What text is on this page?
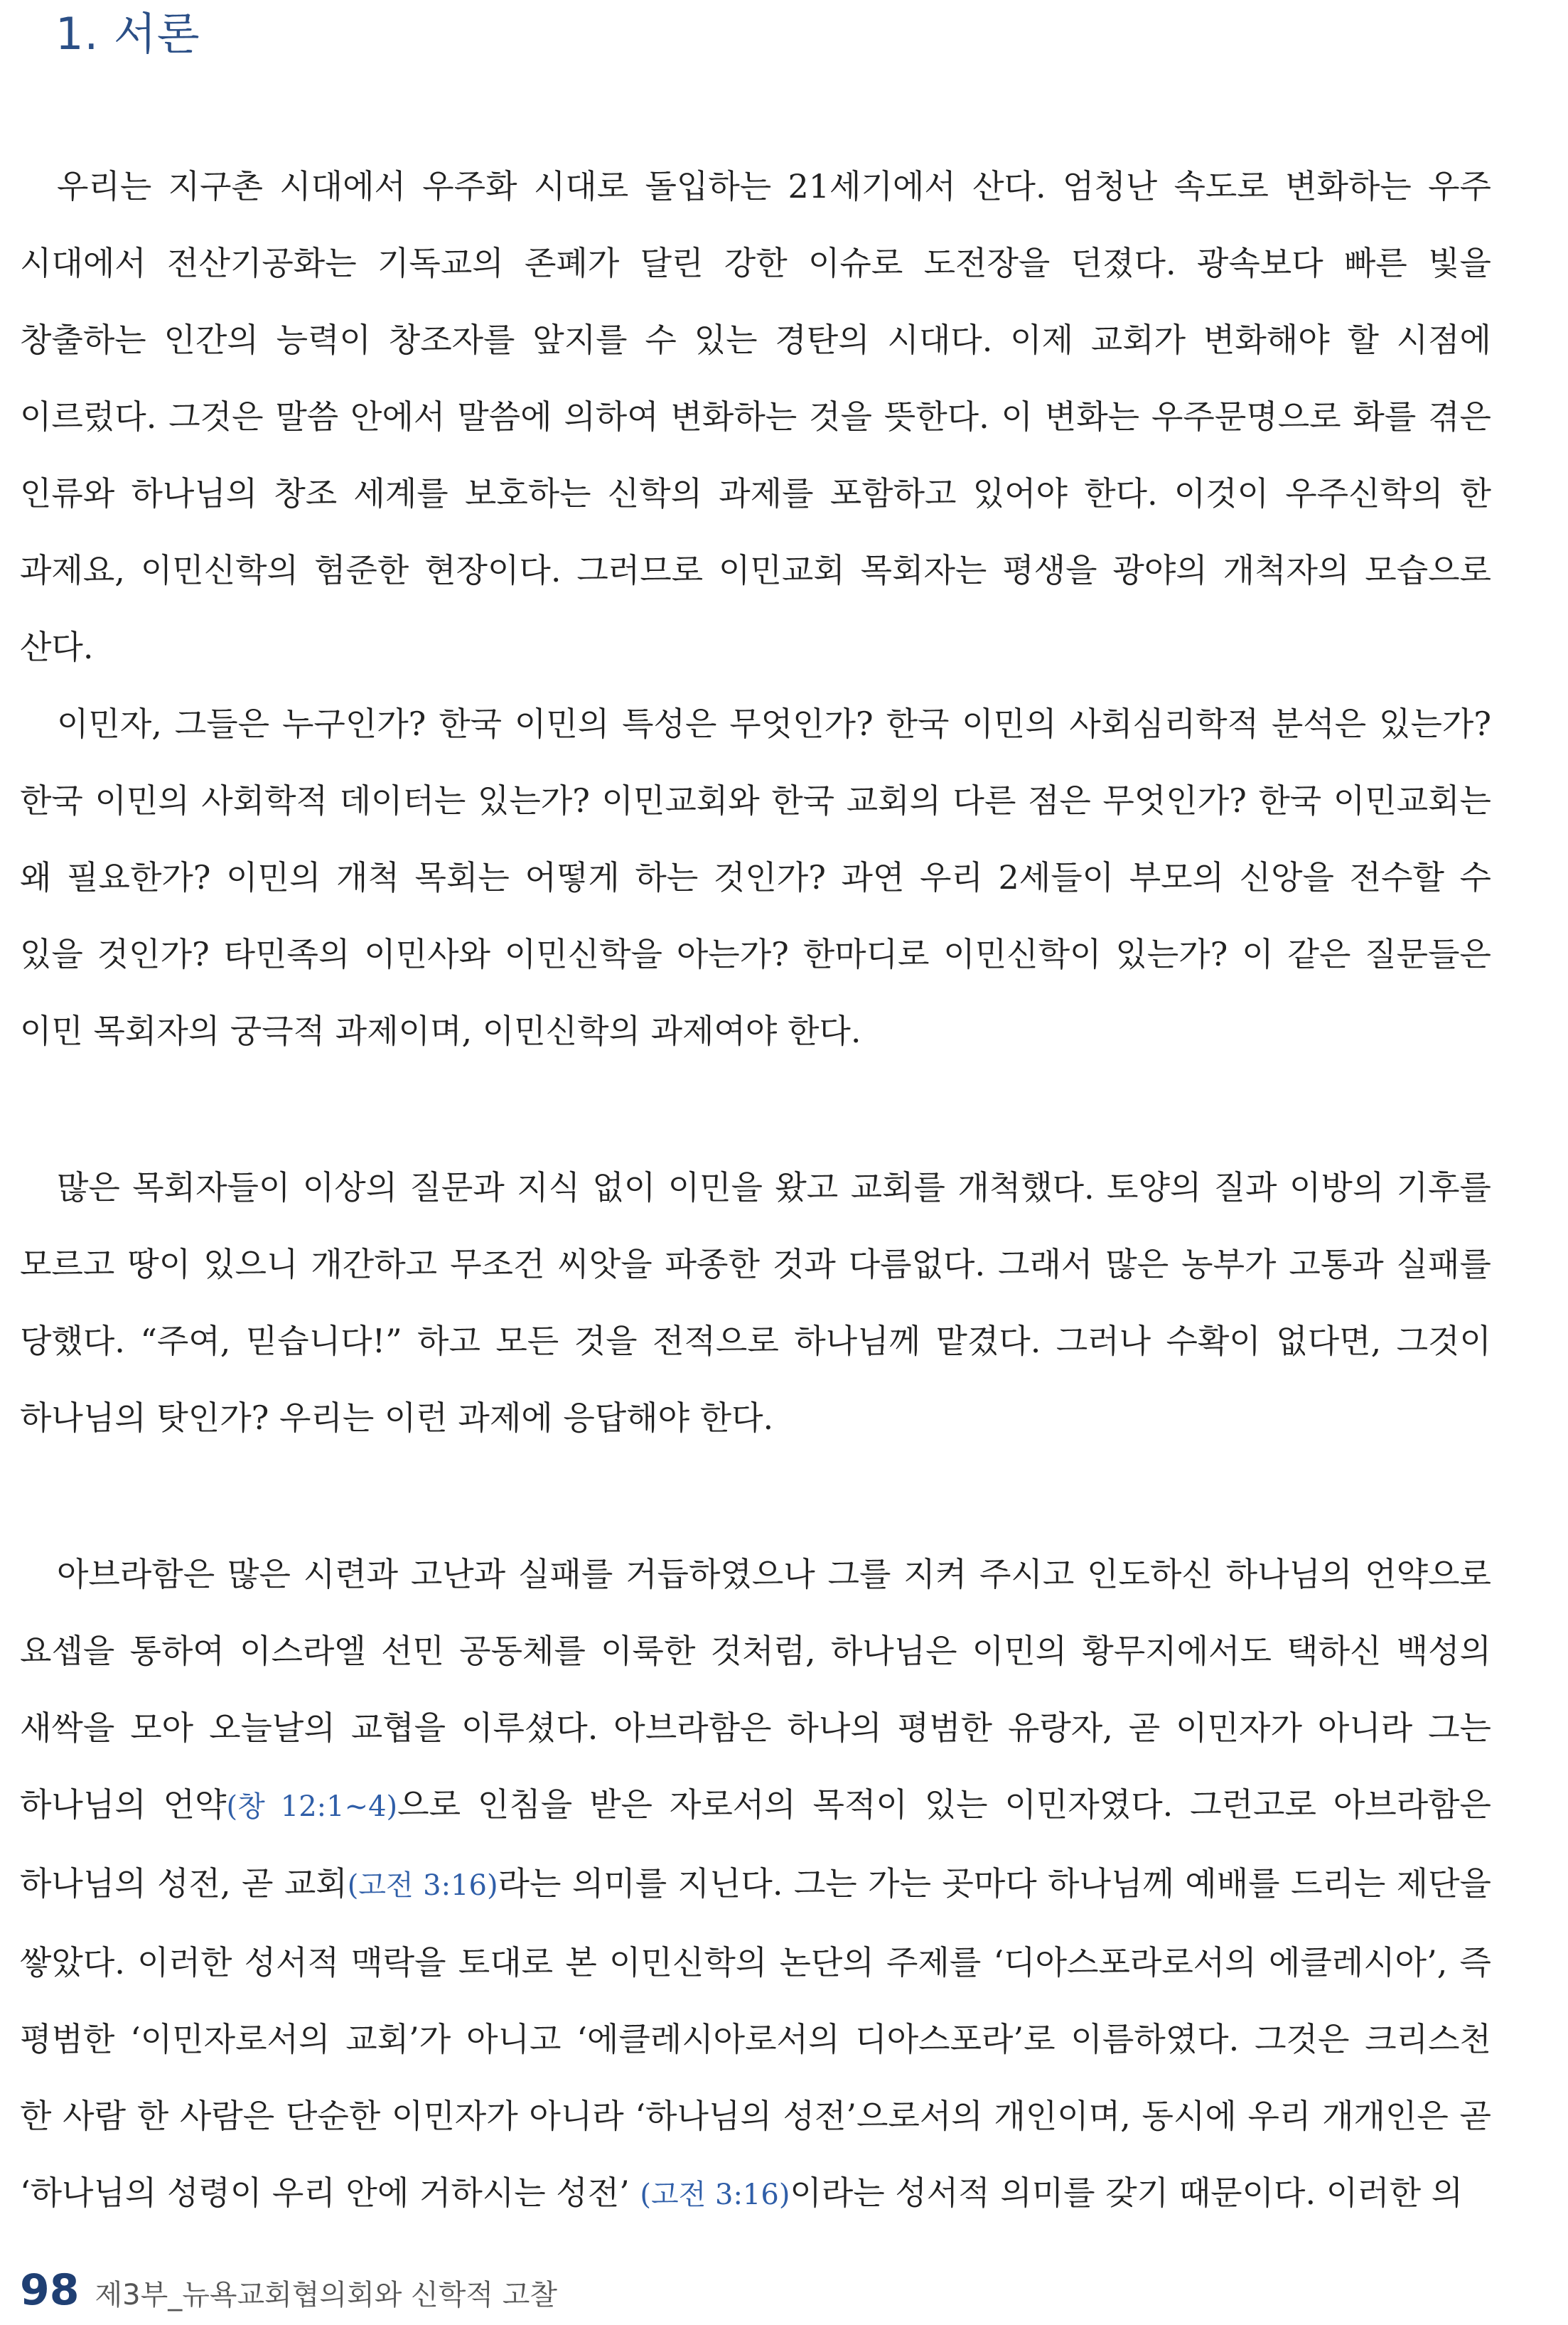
1. 서론

우리는 지구촌 시대에서 우주화 시대로 돌입하는 21세기에서 산다. 엄청난 속도로 변화하는 우주 시대에서 전산기공화는 기독교의 존폐가 달린 강한 이슈로 도전장을 던졌다. 광속보다 빠른 빛을 창출하는 인간의 능력이 창조자를 앞지를 수 있는 경탄의 시대다. 이제 교회가 변화해야 할 시점에 이르렀다. 그것은 말씀 안에서 말씀에 의하여 변화하는 것을 뜻한다. 이 변화는 우주문명으로 화를 겪은 인류와 하나님의 창조 세계를 보호하는 신학의 과제를 포함하고 있어야 한다. 이것이 우주신학의 한 과제요, 이민신학의 험준한 현장이다. 그러므로 이민교회 목회자는 평생을 광야의 개척자의 모습으로 산다.

이민자, 그들은 누구인가? 한국 이민의 특성은 무엇인가? 한국 이민의 사회심리학적 분석은 있는가? 한국 이민의 사회학적 데이터는 있는가? 이민교회와 한국 교회의 다른 점은 무엇인가? 한국 이민교회는 왜 필요한가? 이민의 개척 목회는 어떻게 하는 것인가? 과연 우리 2세들이 부모의 신앙을 전수할 수 있을 것인가? 타민족의 이민사와 이민신학을 아는가? 한마디로 이민신학이 있는가? 이 같은 질문들은 이민 목회자의 궁극적 과제이며, 이민신학의 과제여야 한다.

많은 목회자들이 이상의 질문과 지식 없이 이민을 왔고 교회를 개척했다. 토양의 질과 이방의 기후를 모르고 땅이 있으니 개간하고 무조건 씨앗을 파종한 것과 다름없다. 그래서 많은 농부가 고통과 실패를 당했다. “주여, 믿습니다!” 하고 모든 것을 전적으로 하나님께 맡겼다. 그러나 수확이 없다면, 그것이 하나님의 탓인가? 우리는 이런 과제에 응답해야 한다.

아브라함은 많은 시련과 고난과 실패를 거듭하였으나 그를 지켜 주시고 인도하신 하나님의 언약으로 요셉을 통하여 이스라엘 선민 공동체를 이룩한 것처럼, 하나님은 이민의 황무지에서도 택하신 백성의 새싹을 모아 오늘날의 교협을 이루셨다. 아브라함은 하나의 평범한 유랑자, 곧 이민자가 아니라 그는 하나님의 언약(창 12:1~4)으로 인침을 받은 자로서의 목적이 있는 이민자였다. 그런고로 아브라함은 하나님의 성전, 곧 교회(고전 3:16)라는 의미를 지닌다. 그는 가는 곳마다 하나님께 예배를 드리는 제단을 쌓았다. 이러한 성서적 맥락을 토대로 본 이민신학의 논단의 주제를 ‘디아스포라로서의 에클레시아’, 즉 평범한 ‘이민자로서의 교회’가 아니고 ‘에클레시아로서의 디아스포라’로 이름하였다. 그것은 크리스천 한 사람 한 사람은 단순한 이민자가 아니라 ‘하나님의 성전’으로서의 개인이며, 동시에 우리 개개인은 곧 ‘하나님의 성령이 우리 안에 거하시는 성전’ (고전 3:16)이라는 성서적 의미를 갖기 때문이다. 이러한 의

98 제3부_뉴욕교회협의회와 신학적 고찰
